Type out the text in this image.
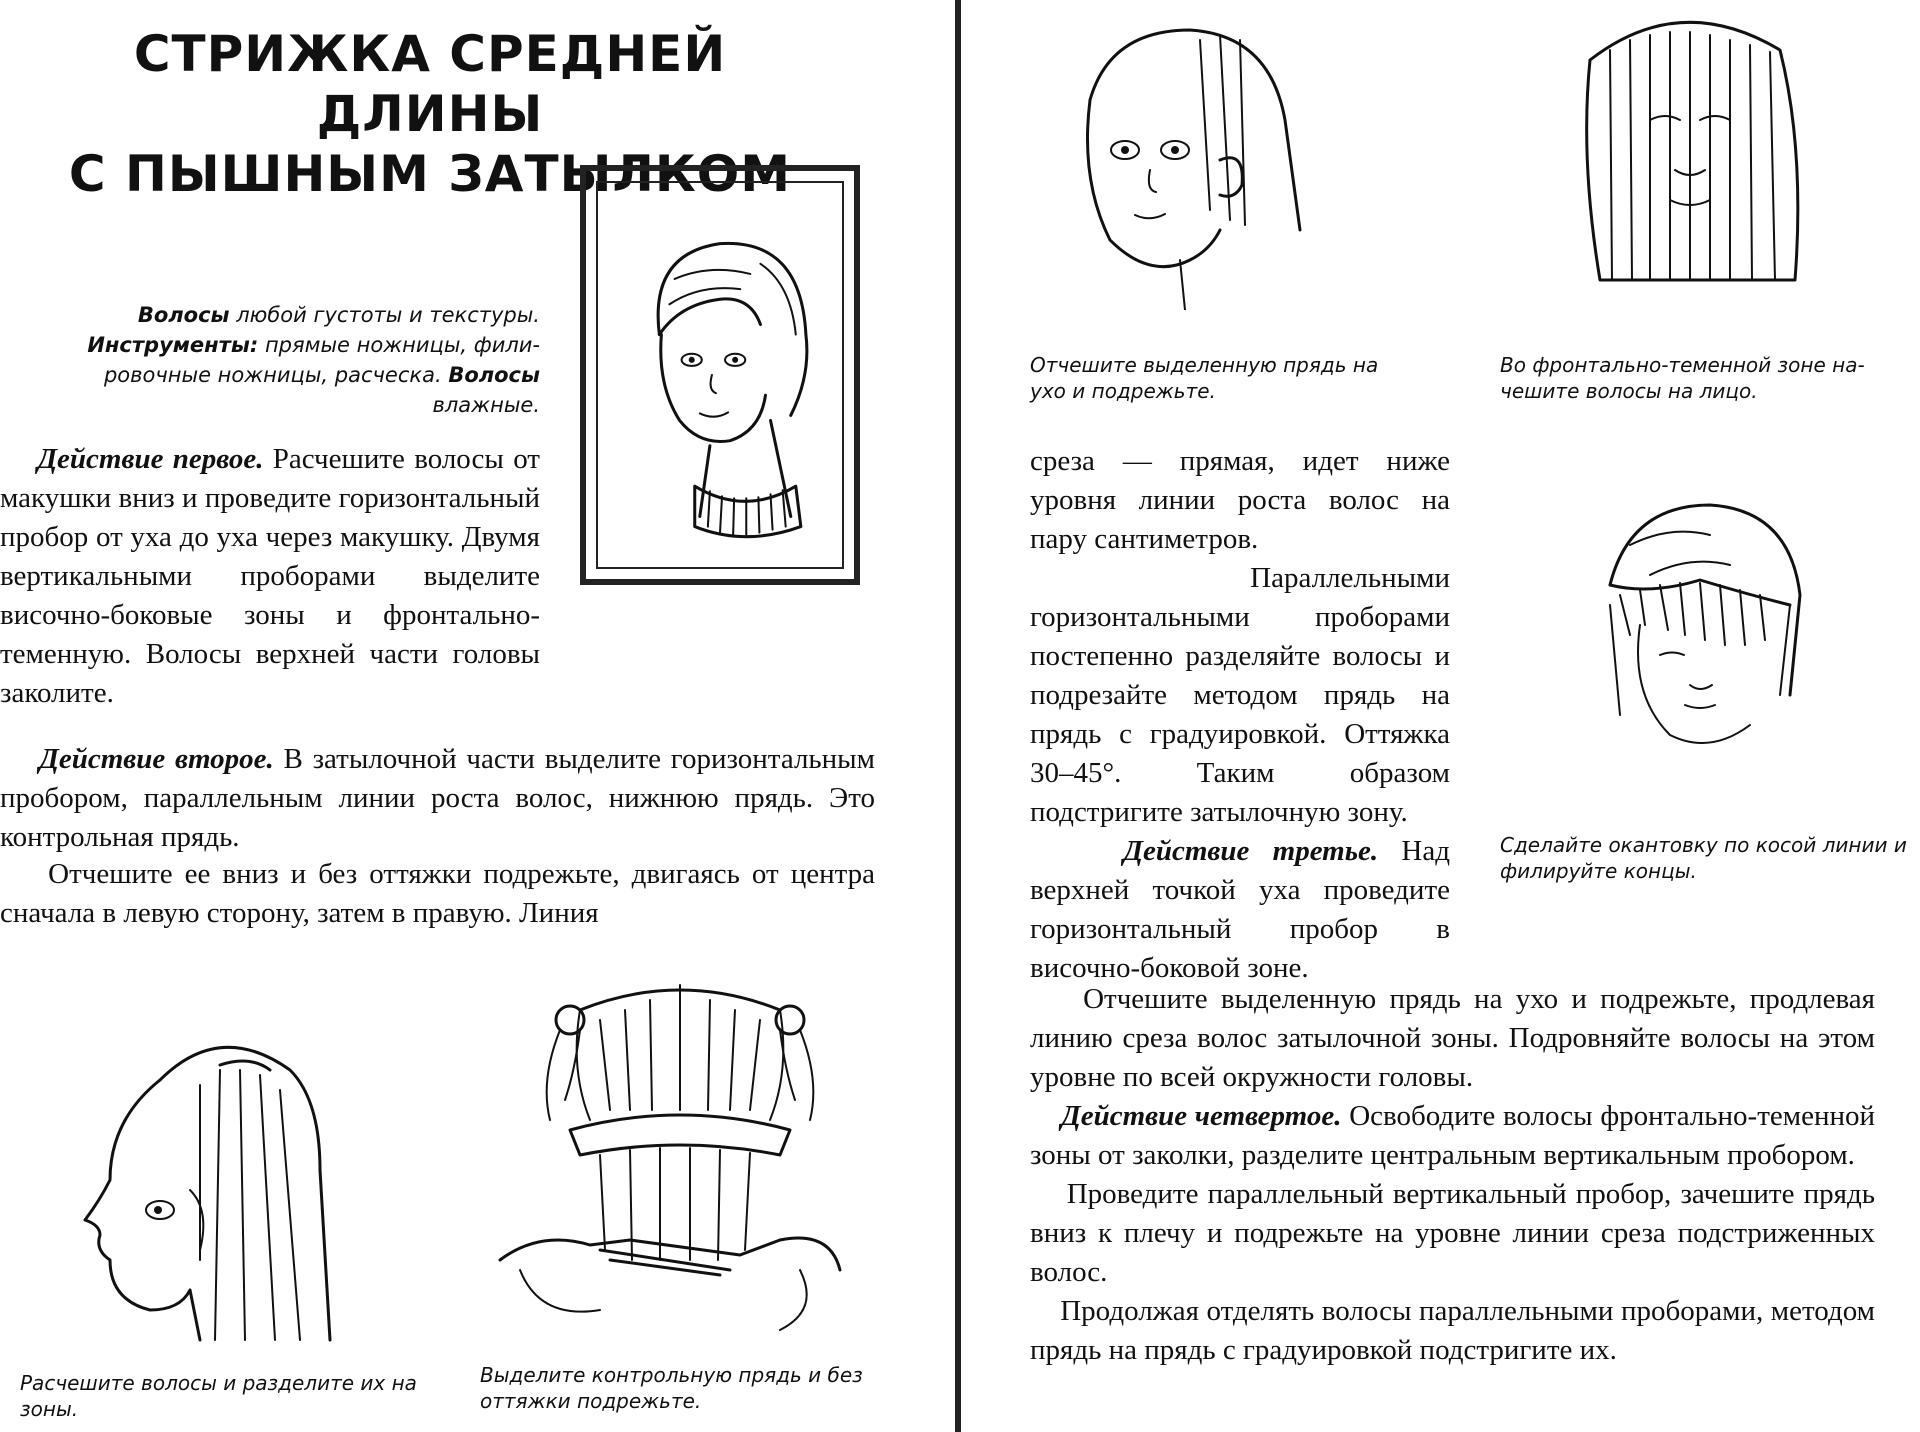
СТРИЖКА СРЕДНЕЙ ДЛИНЫ
С ПЫШНЫМ ЗАТЫЛКОМ
Волосы любой густоты и текстуры.
Инструменты: прямые ножницы, фили-ровочные ножницы, расческа. Волосы влажные.
Действие первое. Расчешите волосы от макушки вниз и проведите горизонтальный пробор от уха до уха через макушку. Двумя вертикальными проборами выделите височно-боковые зоны и фронтально-теменную. Волосы верхней части головы заколите.
Действие второе. В затылочной части выделите горизонтальным пробором, параллельным линии роста волос, нижнюю прядь. Это контрольная прядь.
Отчешите ее вниз и без оттяжки подрежьте, двигаясь от центра сначала в левую сторону, затем в правую. Линия
Расчешите волосы и разделите их на зоны.
Выделите контрольную прядь и без оттяжки подрежьте.
Отчешите выделенную прядь на ухо и подрежьте.
Во фронтально-теменной зоне на-чешите волосы на лицо.
среза — прямая, идет ниже уровня линии роста волос на пару сантиметров.
Параллельными горизонтальными проборами постепенно разделяйте волосы и подрезайте методом прядь на прядь с градуировкой. Оттяжка 30–45°. Таким образом подстригите затылочную зону.
Сделайте окантовку по косой линии и филируйте концы.
Действие третье. Над верхней точкой уха проведите горизонтальный пробор в височно-боковой зоне.
Отчешите выделенную прядь на ухо и подрежьте, продлевая линию среза волос затылочной зоны. Подровняйте волосы на этом уровне по всей окружности головы.
Действие четвертое. Освободите волосы фронтально-теменной зоны от заколки, разделите центральным вертикальным пробором.
Проведите параллельный вертикальный пробор, зачешите прядь вниз к плечу и подрежьте на уровне линии среза подстриженных волос.
Продолжая отделять волосы параллельными проборами, методом прядь на прядь с градуировкой подстригите их.
